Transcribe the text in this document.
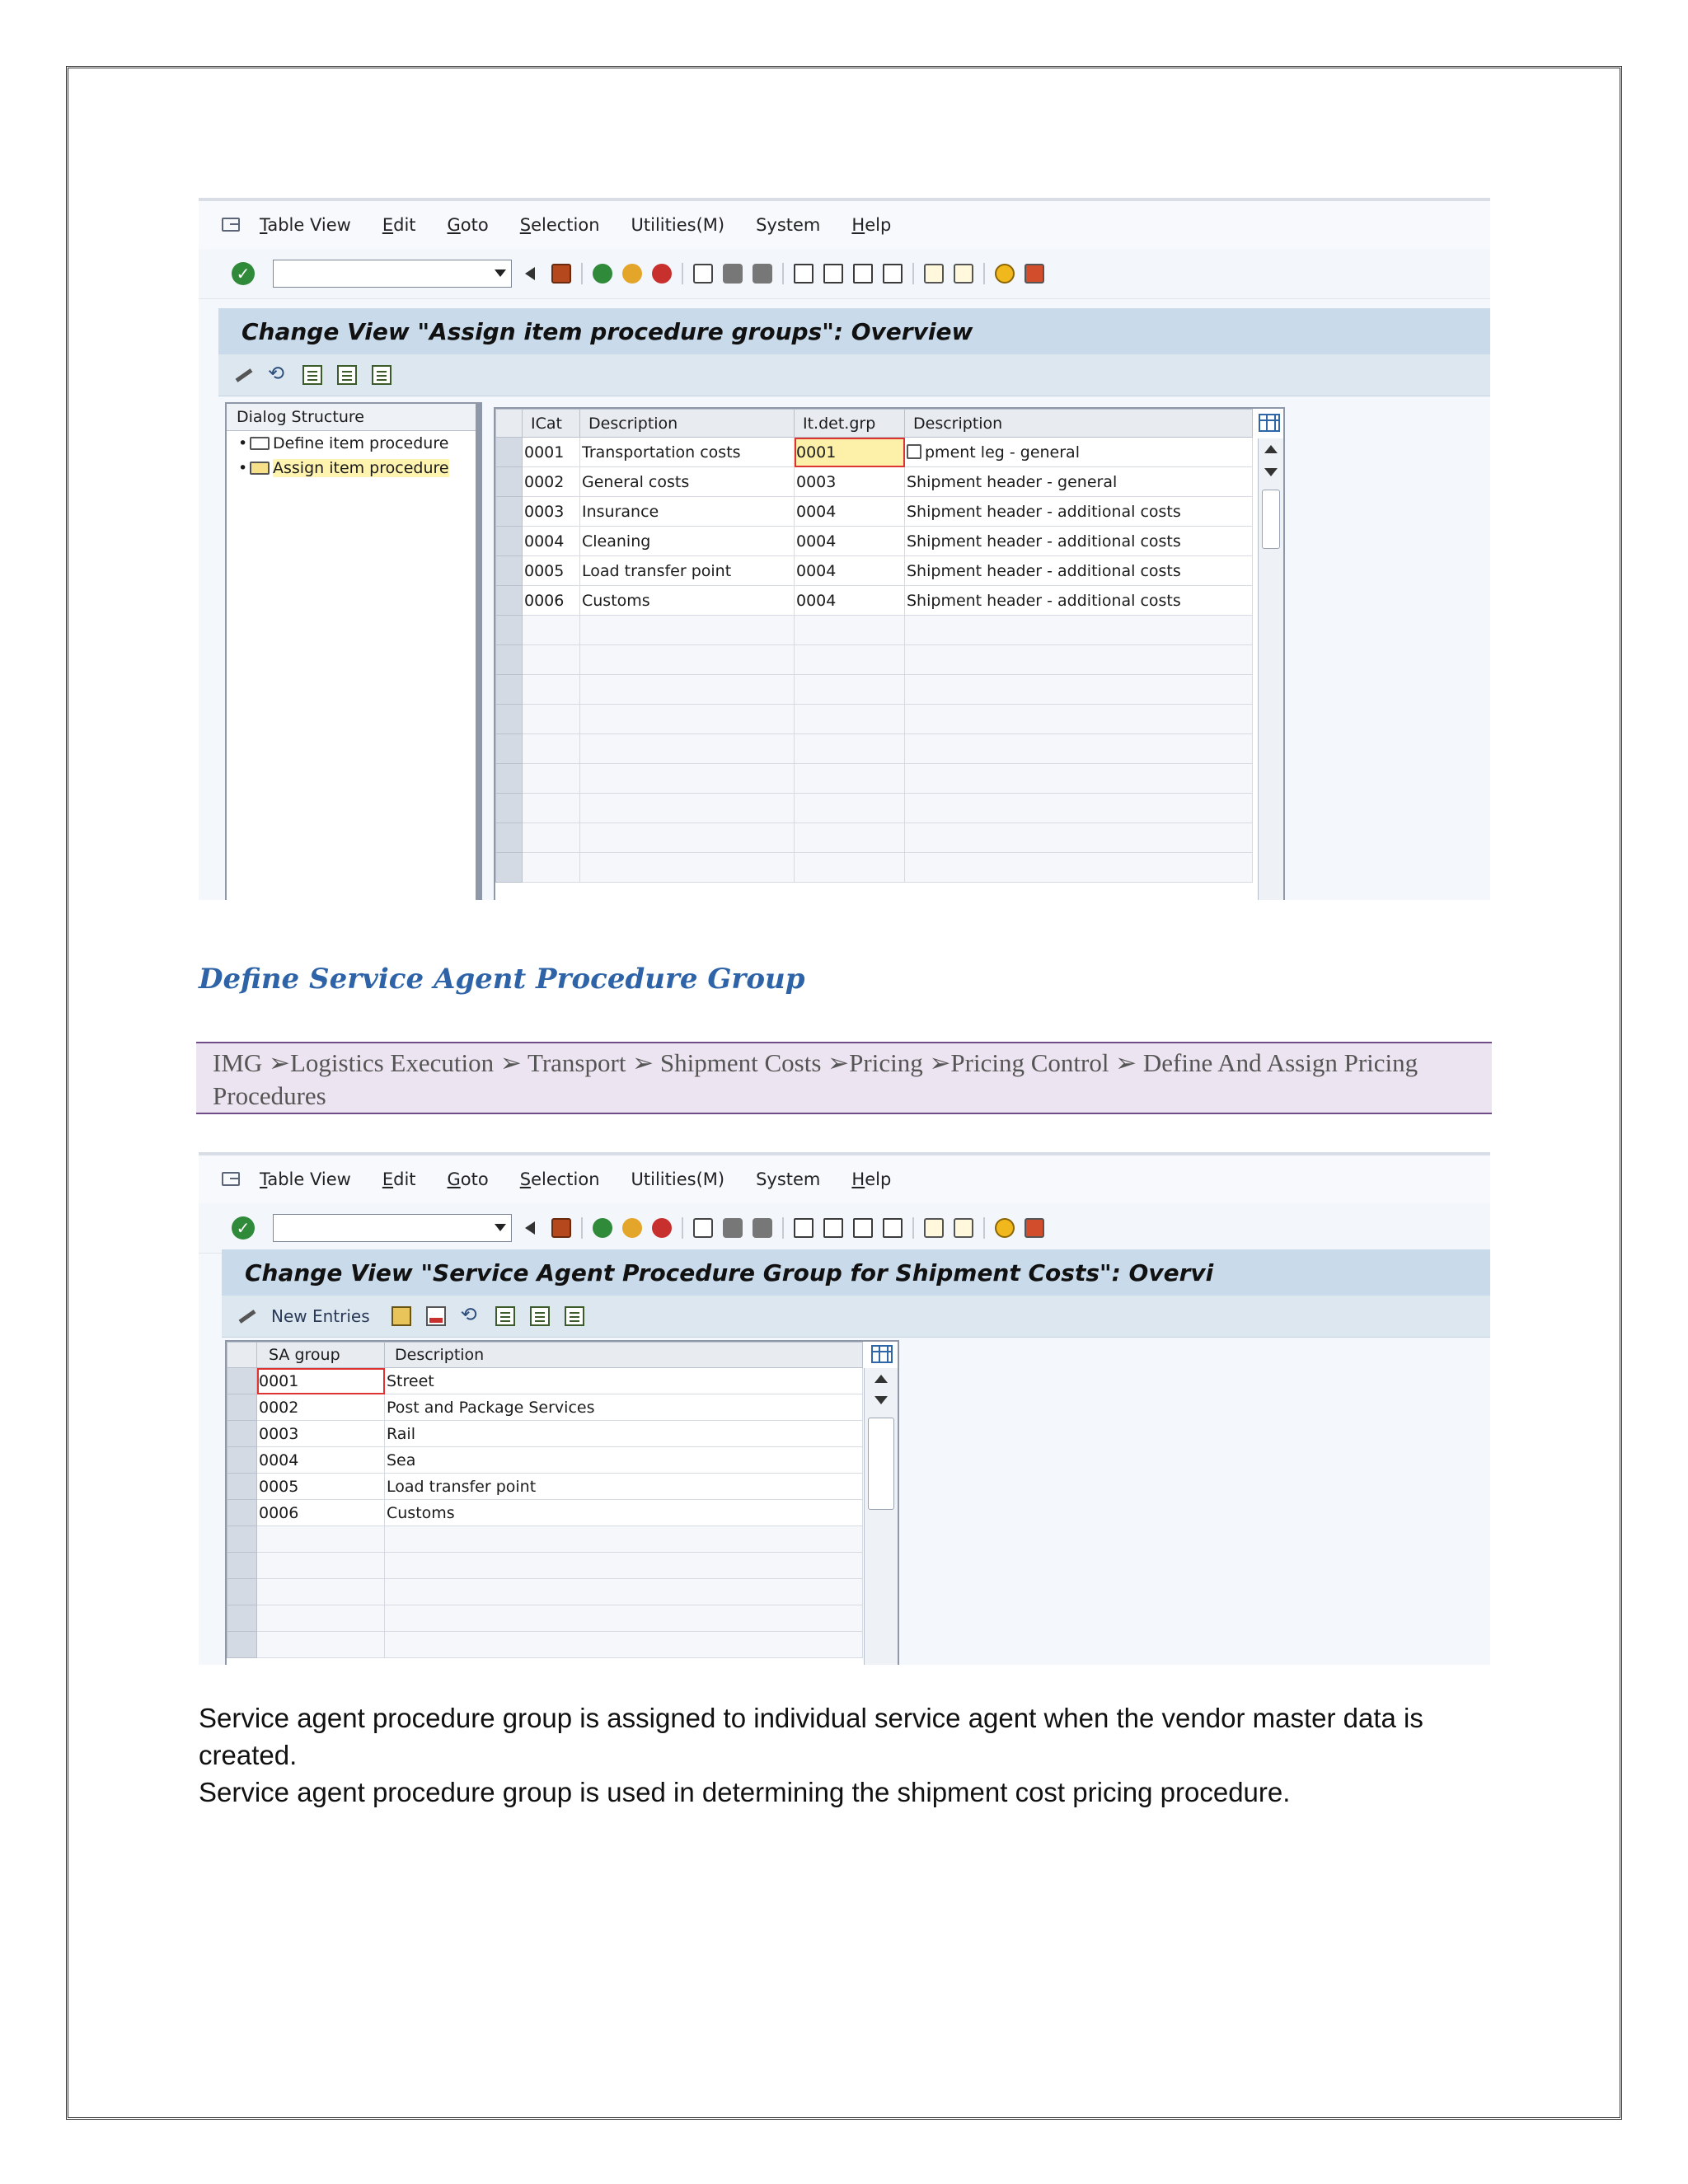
Table View Edit Goto Selection Utilities(M) System Help
✓
Change View "Assign item procedure groups": Overview
⟲
Dialog Structure
• Define item procedure
• Assign item procedure
	ICat	Description	It.det.grp	Description
	0001	Transportation costs	0001	pment leg - general
	0002	General costs	0003	Shipment header - general
	0003	Insurance	0004	Shipment header - additional costs
	0004	Cleaning	0004	Shipment header - additional costs
	0005	Load transfer point	0004	Shipment header - additional costs
	0006	Customs	0004	Shipment header - additional costs

Define Service Agent Procedure Group
IMG ➢Logistics Execution ➢ Transport ➢ Shipment Costs ➢Pricing ➢Pricing Control ➢ Define And Assign Pricing Procedures
Table View Edit Goto Selection Utilities(M) System Help
✓
Change View "Service Agent Procedure Group for Shipment Costs": Overvi
New Entries
⟲
	SA group	Description
	0001	Street
	0002	Post and Package Services
	0003	Rail
	0004	Sea
	0005	Load transfer point
	0006	Customs

Service agent procedure group is assigned to individual service agent when the vendor master data is created.

Service agent procedure group is used in determining the shipment cost pricing procedure.
